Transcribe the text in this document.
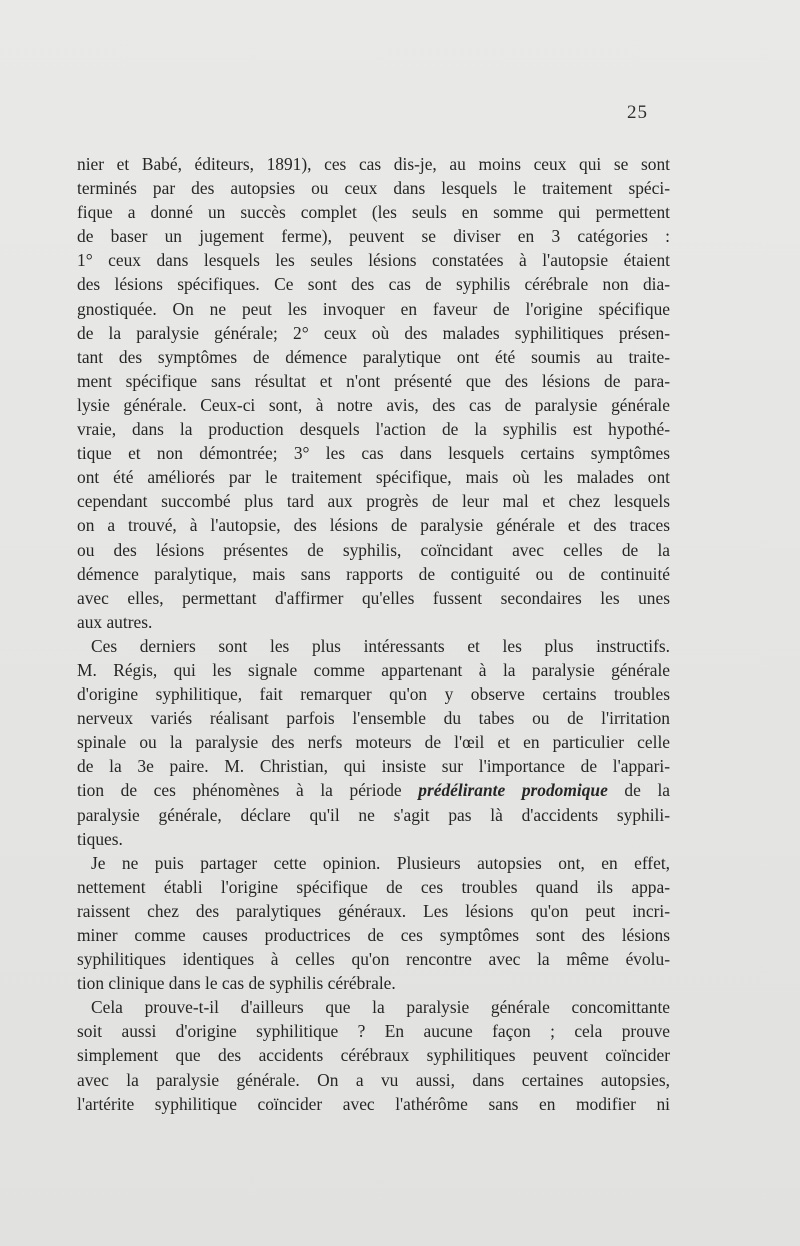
25
nier et Babé, éditeurs, 1891), ces cas dis-je, au moins ceux qui se sont
terminés par des autopsies ou ceux dans lesquels le traitement spéci-
fique a donné un succès complet (les seuls en somme qui permettent
de baser un jugement ferme), peuvent se diviser en 3 catégories :
1° ceux dans lesquels les seules lésions constatées à l'autopsie étaient
des lésions spécifiques. Ce sont des cas de syphilis cérébrale non dia-
gnostiquée. On ne peut les invoquer en faveur de l'origine spécifique
de la paralysie générale; 2° ceux où des malades syphilitiques présen-
tant des symptômes de démence paralytique ont été soumis au traite-
ment spécifique sans résultat et n'ont présenté que des lésions de para-
lysie générale. Ceux-ci sont, à notre avis, des cas de paralysie générale
vraie, dans la production desquels l'action de la syphilis est hypothé-
tique et non démontrée; 3° les cas dans lesquels certains symptômes
ont été améliorés par le traitement spécifique, mais où les malades ont
cependant succombé plus tard aux progrès de leur mal et chez lesquels
on a trouvé, à l'autopsie, des lésions de paralysie générale et des traces
ou des lésions présentes de syphilis, coïncidant avec celles de la
démence paralytique, mais sans rapports de contiguité ou de continuité
avec elles, permettant d'affirmer qu'elles fussent secondaires les unes
aux autres.
Ces derniers sont les plus intéressants et les plus instructifs.
M. Régis, qui les signale comme appartenant à la paralysie générale
d'origine syphilitique, fait remarquer qu'on y observe certains troubles
nerveux variés réalisant parfois l'ensemble du tabes ou de l'irritation
spinale ou la paralysie des nerfs moteurs de l'œil et en particulier celle
de la 3e paire. M. Christian, qui insiste sur l'importance de l'appari-
tion de ces phénomènes à la période prédélirante prodomique de la
paralysie générale, déclare qu'il ne s'agit pas là d'accidents syphili-
tiques.
Je ne puis partager cette opinion. Plusieurs autopsies ont, en effet,
nettement établi l'origine spécifique de ces troubles quand ils appa-
raissent chez des paralytiques généraux. Les lésions qu'on peut incri-
miner comme causes productrices de ces symptômes sont des lésions
syphilitiques identiques à celles qu'on rencontre avec la même évolu-
tion clinique dans le cas de syphilis cérébrale.
Cela prouve-t-il d'ailleurs que la paralysie générale concomittante
soit aussi d'origine syphilitique ? En aucune façon ; cela prouve
simplement que des accidents cérébraux syphilitiques peuvent coïncider
avec la paralysie générale. On a vu aussi, dans certaines autopsies,
l'artérite syphilitique coïncider avec l'athérôme sans en modifier ni
